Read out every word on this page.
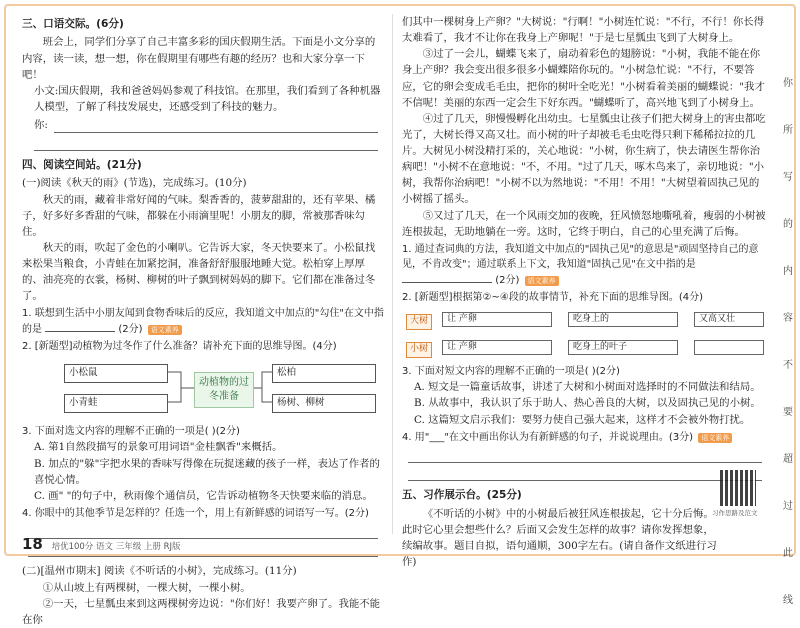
三、口语交际。(6分)
班会上，同学们分享了自己丰富多彩的国庆假期生活。下面是小文分享的内容，读一读，想一想，你在假期里有哪些有趣的经历？也和大家分享一下吧！
小文:国庆假期，我和爸爸妈妈参观了科技馆。在那里，我们看到了各种机器人模型，了解了科技发展史，还感受到了科技的魅力。
你:
四、阅读空间站。(21分)
(一)阅读《秋天的雨》(节选)，完成练习。(10分)
秋天的雨，藏着非常好闻的气味。梨香香的，菠萝甜甜的，还有苹果、橘子，好多好多香甜的气味，都躲在小雨滴里呢！小朋友的脚，常被那香味勾住。
秋天的雨，吹起了金色的小喇叭。它告诉大家，冬天快要来了。小松鼠找来松果当粮食，小青蛙在加紧挖洞，准备舒舒服服地睡大觉。松柏穿上厚厚的、油亮亮的衣裳，杨树、柳树的叶子飘到树妈妈的脚下。它们都在准备过冬了。
1. 联想到生活中小朋友闻到食物香味后的反应，我知道文中加点的"勾住"在文中指的是	(2分) 语文素养
2. [新题型]动植物为过冬作了什么准备？请补充下面的思维导图。(4分)
小松鼠
小青蛙
动植物的过冬准备
松柏
杨树、柳树
3. 下面对选文内容的理解不正确的一项是( )(2分)
A. 第1自然段描写的景象可用词语"金桂飘香"来概括。
B. 加点的"躲"字把水果的香味写得像在玩捉迷藏的孩子一样，表达了作者的喜悦心情。
C. 画" "的句子中，秋雨像个通信员，它告诉动植物冬天快要来临的消息。
4. 你眼中的其他季节是怎样的？任选一个，用上有新鲜感的词语写一写。(2分)
(二)[温州市期末] 阅读《不听话的小树》，完成练习。(11分)
①从山坡上有两棵树，一棵大树，一棵小树。
②一天，七星瓢虫来到这两棵树旁边说："你们好！我要产卵了。我能不能在你
们其中一棵树身上产卵？"大树说："行啊！"小树连忙说："不行，不行！你长得太难看了，我才不让你在我身上产卵呢！"于是七星瓢虫飞到了大树身上。
③过了一会儿，蝴蝶飞来了，扇动着彩色的翅膀说："小树，我能不能在你身上产卵？我会变出很多很多小蝴蝶陪你玩的。"小树急忙说："不行，不要答应，它的卵会变成毛毛虫，把你的树叶全吃光！"小树看着美丽的蝴蝶说："我才不信呢！美丽的东西一定会生下好东西。"蝴蝶听了，高兴地飞到了小树身上。
④过了几天，卵慢慢孵化出幼虫。七星瓢虫让孩子们把大树身上的害虫都吃光了，大树长得又高又壮。而小树的叶子却被毛毛虫吃得只剩下稀稀拉拉的几片。大树见小树没精打采的，关心地说："小树，你生病了，快去请医生帮你治病吧！"小树不在意地说："不，不用。"过了几天，啄木鸟来了，亲切地说："小树，我帮你治病吧！"小树不以为然地说："不用！不用！"大树望着固执己见的小树摇了摇头。
⑤又过了几天，在一个风雨交加的夜晚，狂风愤怒地嘶吼着，瘦弱的小树被连根拔起，无助地躺在一旁。这时，它终于明白，自己的心里充满了后悔。
1. 通过查词典的方法，我知道文中加点的"固执己见"的意思是"顽固坚持自己的意见，不肯改变"；通过联系上下文，我知道"固执己见"在文中指的是  (2分) 语文素养
2. [新题型]根据第②~④段的故事情节，补充下面的思维导图。(4分)
大树
小树
让 产卵	吃身上的	又高又壮
让 产卵	吃身上的叶子
3. 下面对短文内容的理解不正确的一项是( )(2分)
A. 短文是一篇童话故事，讲述了大树和小树面对选择时的不同做法和结局。
B. 从故事中，我认识了乐于助人、热心善良的大树，以及固执己见的小树。
C. 这篇短文启示我们：要努力使自己强大起来，这样才不会被外物打扰。
4. 用"___"在文中画出你认为有新鲜感的句子，并说说理由。(3分) 语文素养
五、习作展示台。(25分)
《不听话的小树》中的小树最后被狂风连根拔起，它十分后悔。此时它心里会想些什么？后面又会发生怎样的故事？请你发挥想象，续编故事。题目自拟，语句通顺，300字左右。(请自备作文纸进行习作)
习作思路及范文
你
所
写
的
内
容
不
要
超
过
此
线
18 培优100分 语文 三年级 上册 RJ版
